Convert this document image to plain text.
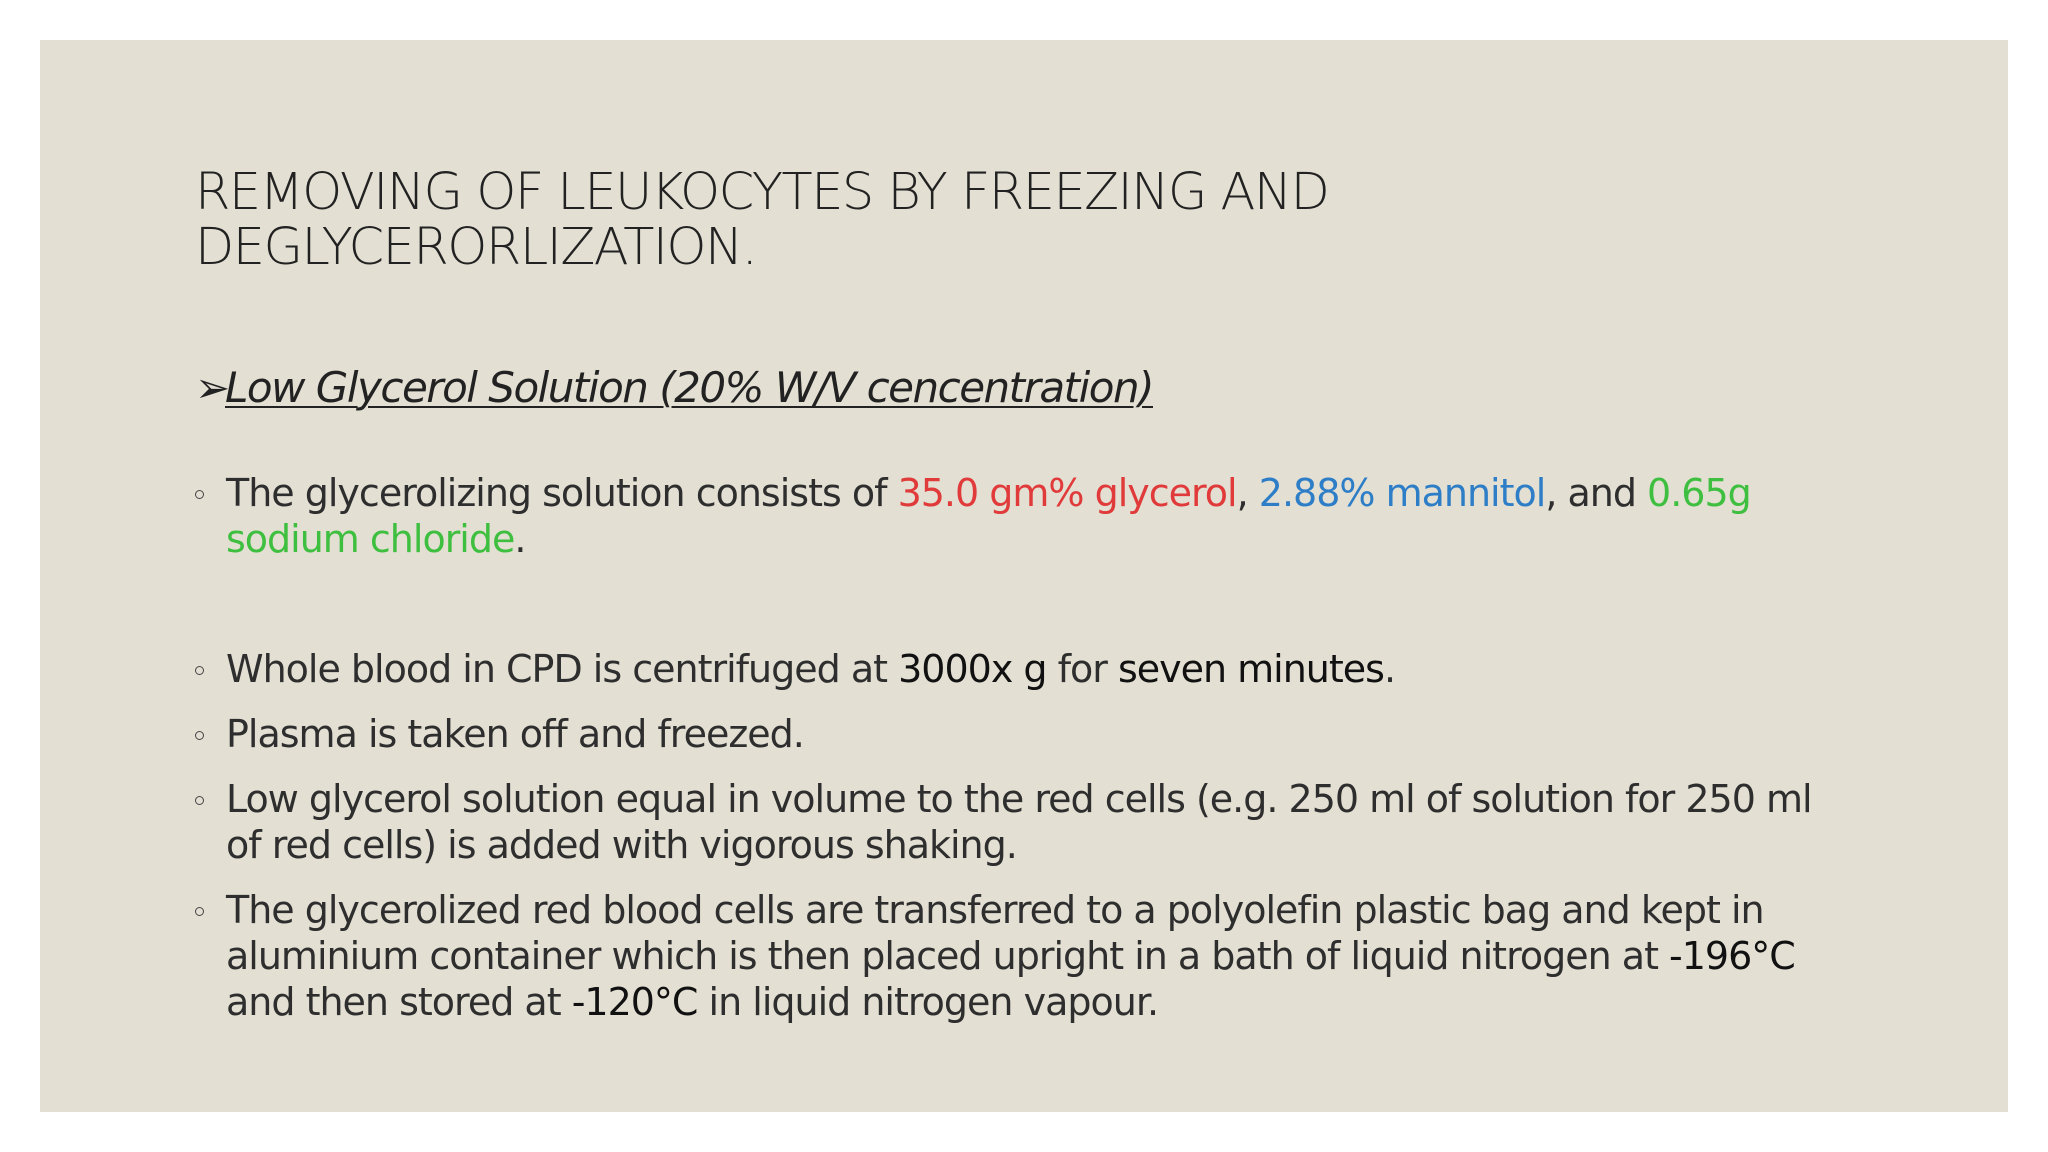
REMOVING OF LEUKOCYTES BY FREEZING AND
DEGLYCERORLIZATION.
➢Low Glycerol Solution (20% W/V cencentration)
The glycerolizing solution consists of 35.0 gm% glycerol, 2.88% mannitol, and 0.65g sodium chloride.
Whole blood in CPD is centrifuged at 3000x g for seven minutes.
Plasma is taken off and freezed.
Low glycerol solution equal in volume to the red cells (e.g. 250 ml of solution for 250 ml of red cells) is added with vigorous shaking.
The glycerolized red blood cells are transferred to a polyolefin plastic bag and kept in aluminium container which is then placed upright in a bath of liquid nitrogen at -196°C and then stored at -120°C in liquid nitrogen vapour.
